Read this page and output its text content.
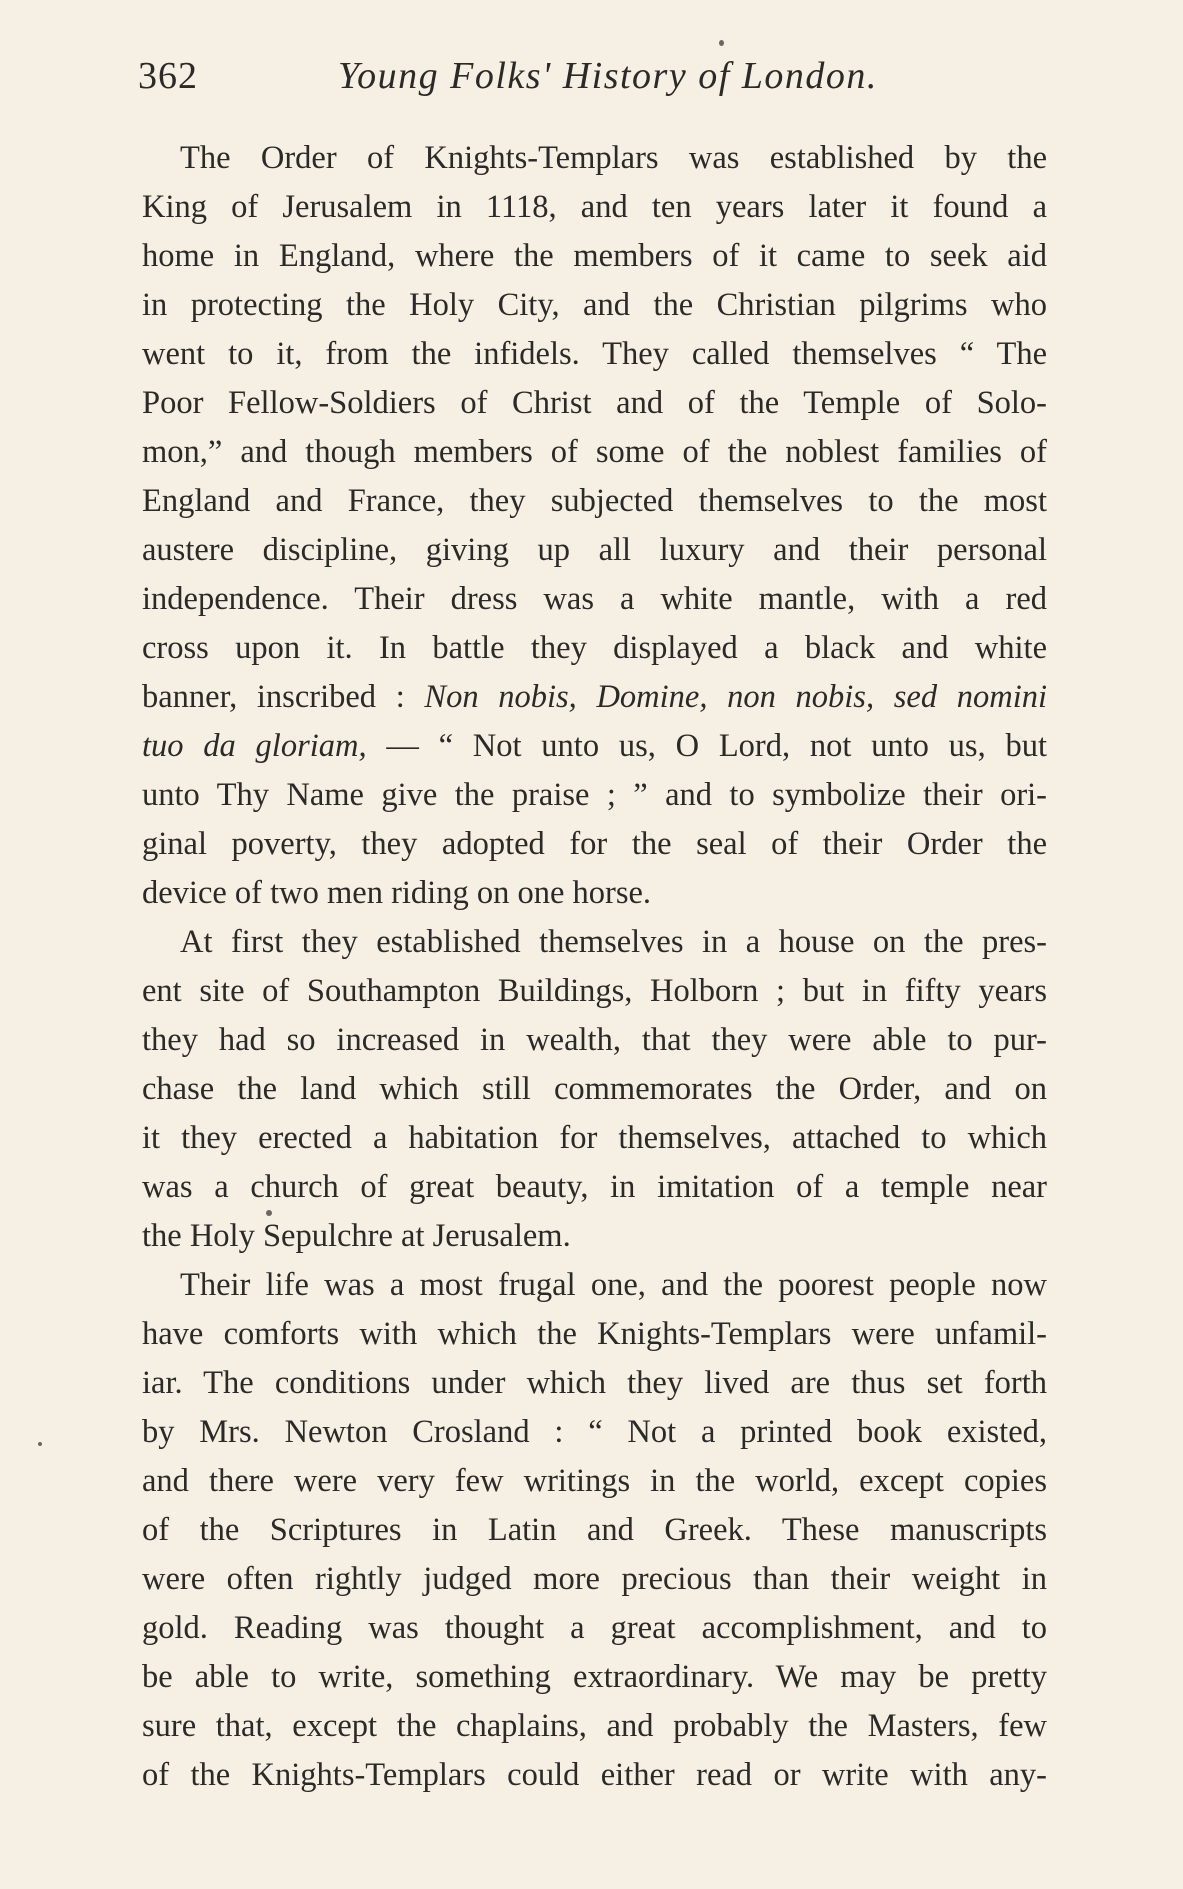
362	Young Folks' History of London.
The Order of Knights-Templars was established by the
King of Jerusalem in 1118, and ten years later it found a
home in England, where the members of it came to seek aid
in protecting the Holy City, and the Christian pilgrims who
went to it, from the infidels. They called themselves “ The
Poor Fellow-Soldiers of Christ and of the Temple of Solo-
mon,” and though members of some of the noblest families of
England and France, they subjected themselves to the most
austere discipline, giving up all luxury and their personal
independence. Their dress was a white mantle, with a red
cross upon it. In battle they displayed a black and white
banner, inscribed : Non nobis, Domine, non nobis, sed nomini
tuo da gloriam, — “ Not unto us, O Lord, not unto us, but
unto Thy Name give the praise ; ” and to symbolize their ori-
ginal poverty, they adopted for the seal of their Order the
device of two men riding on one horse.
At first they established themselves in a house on the pres-
ent site of Southampton Buildings, Holborn ; but in fifty years
they had so increased in wealth, that they were able to pur-
chase the land which still commemorates the Order, and on
it they erected a habitation for themselves, attached to which
was a church of great beauty, in imitation of a temple near
the Holy Sepulchre at Jerusalem.
Their life was a most frugal one, and the poorest people now
have comforts with which the Knights-Templars were unfamil-
iar. The conditions under which they lived are thus set forth
by Mrs. Newton Crosland : “ Not a printed book existed,
and there were very few writings in the world, except copies
of the Scriptures in Latin and Greek. These manuscripts
were often rightly judged more precious than their weight in
gold. Reading was thought a great accomplishment, and to
be able to write, something extraordinary. We may be pretty
sure that, except the chaplains, and probably the Masters, few
of the Knights-Templars could either read or write with any-
